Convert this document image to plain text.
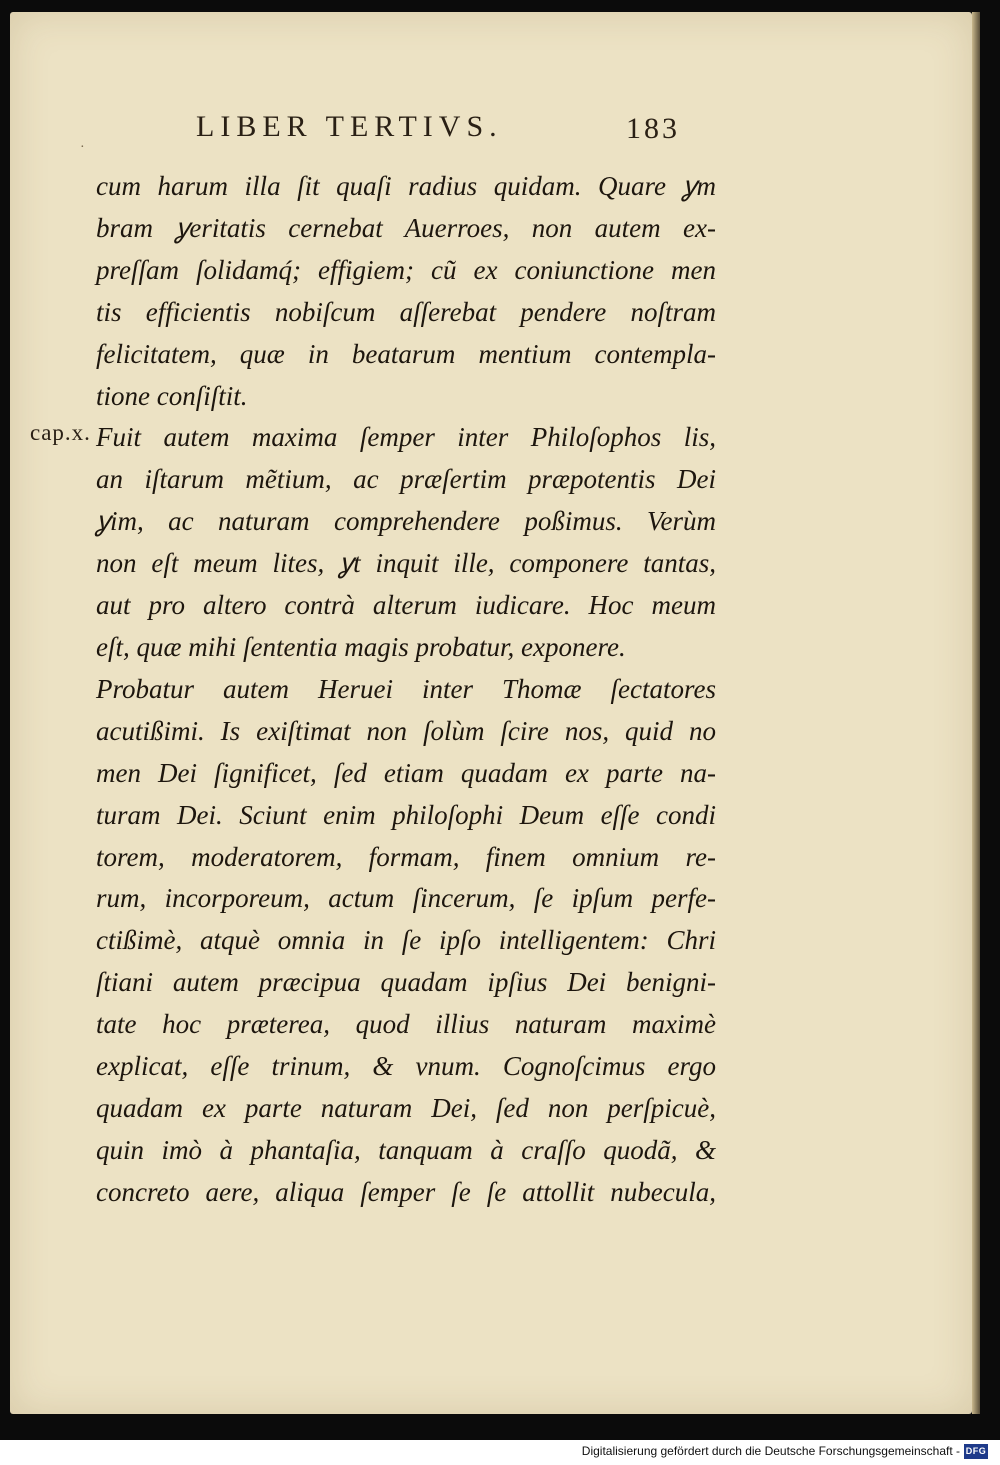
·
LIBER TERTIVS.	183
cap.x.
cum harum illa ſit quaſi radius quidam. Quare ỿm
bram ỿeritatis cernebat Auerroes, non autem ex-
preſſam ſolidamq́; effigiem; cũ ex coniunctione men
tis efficientis nobiſcum aſſerebat pendere noſtram
felicitatem, quæ in beatarum mentium contempla-
tione conſiſtit.
Fuit autem maxima ſemper inter Philoſophos lis,
an iſtarum mẽtium, ac præſertim præpotentis Dei
ỿim, ac naturam comprehendere poßimus. Verùm
non eſt meum lites, ỿt inquit ille, componere tantas,
aut pro altero contrà alterum iudicare. Hoc meum
eſt, quæ mihi ſententia magis probatur, exponere.
Probatur autem Heruei inter Thomæ ſectatores
acutißimi. Is exiſtimat non ſolùm ſcire nos, quid no
men Dei ſignificet, ſed etiam quadam ex parte na-
turam Dei. Sciunt enim philoſophi Deum eſſe condi
torem, moderatorem, formam, finem omnium re-
rum, incorporeum, actum ſincerum, ſe ipſum perfe-
ctißimè, atquè omnia in ſe ipſo intelligentem: Chri
ſtiani autem præcipua quadam ipſius Dei benigni-
tate hoc præterea, quod illius naturam maximè
explicat, eſſe trinum, & vnum. Cognoſcimus ergo
quadam ex parte naturam Dei, ſed non perſpicuè,
quin imò à phantaſia, tanquam à craſſo quodã, &
concreto aere, aliqua ſemper ſe ſe attollit nubecula,
Digitalisierung gefördert durch die Deutsche Forschungsgemeinschaft - DFG
